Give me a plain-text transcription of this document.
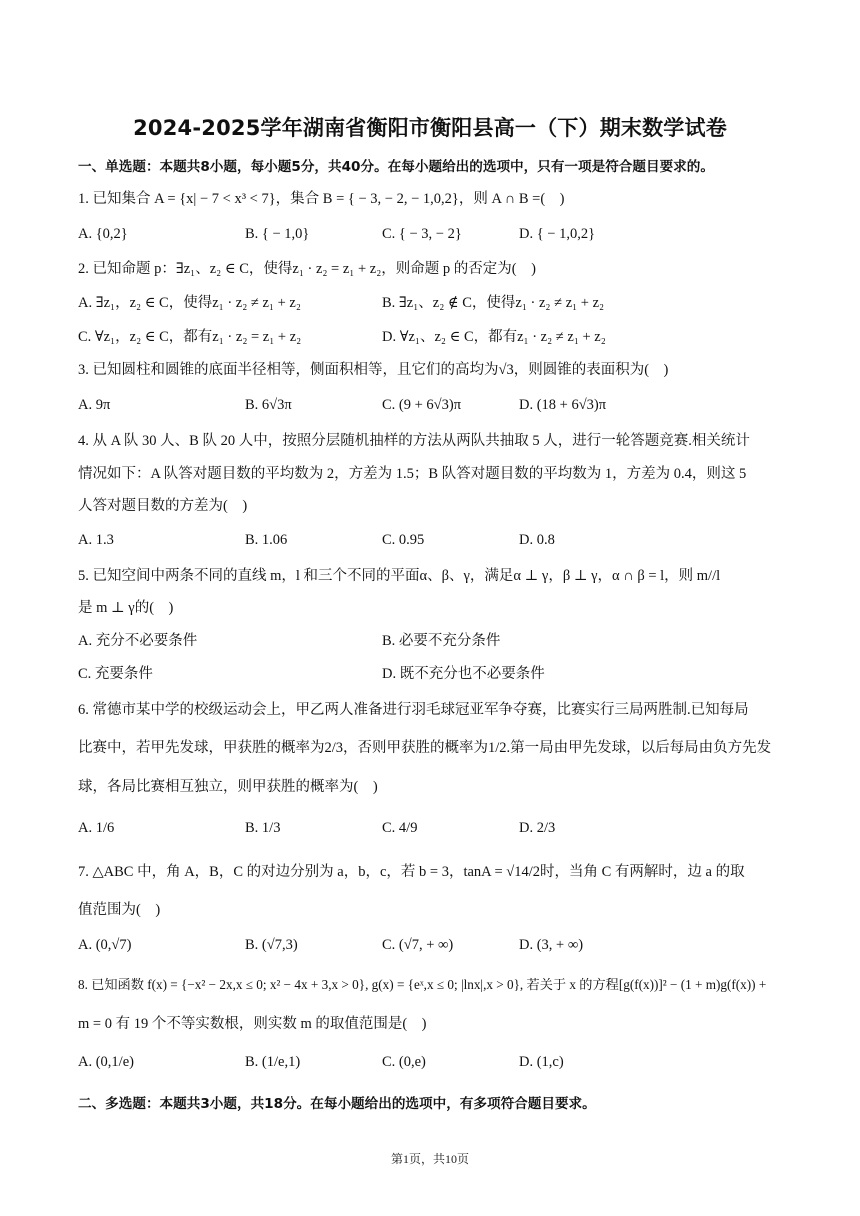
2024-2025学年湖南省衡阳市衡阳县高一（下）期末数学试卷
一、单选题：本题共8小题，每小题5分，共40分。在每小题给出的选项中，只有一项是符合题目要求的。
1. 已知集合 A = {x| − 7 < x³ < 7}，集合 B = { − 3, − 2, − 1,0,2}，则 A ∩ B =(　)
A. {0,2}	B. { − 1,0}	C. { − 3, − 2}	D. { − 1,0,2}
2. 已知命题 p：∃z₁、z₂ ∈ C，使得z₁ · z₂ = z₁ + z₂，则命题 p 的否定为(　)
A. ∃z₁，z₂ ∈ C，使得z₁ · z₂ ≠ z₁ + z₂	B. ∃z₁、z₂ ∉ C，使得z₁ · z₂ ≠ z₁ + z₂
C. ∀z₁，z₂ ∈ C，都有z₁ · z₂ = z₁ + z₂	D. ∀z₁、z₂ ∈ C，都有z₁ · z₂ ≠ z₁ + z₂
3. 已知圆柱和圆锥的底面半径相等，侧面积相等，且它们的高均为√3，则圆锥的表面积为(　)
A. 9π	B. 6√3π	C. (9 + 6√3)π	D. (18 + 6√3)π
4. 从 A 队 30 人、B 队 20 人中，按照分层随机抽样的方法从两队共抽取 5 人，进行一轮答题竞赛.相关统计
情况如下：A 队答对题目数的平均数为 2，方差为 1.5；B 队答对题目数的平均数为 1，方差为 0.4，则这 5
人答对题目数的方差为(　)
A. 1.3	B. 1.06	C. 0.95	D. 0.8
5. 已知空间中两条不同的直线 m，l 和三个不同的平面α、β、γ，满足α ⊥ γ，β ⊥ γ，α ∩ β = l，则 m//l
是 m ⊥ γ的(　)
A. 充分不必要条件	B. 必要不充分条件
C. 充要条件	D. 既不充分也不必要条件
6. 常德市某中学的校级运动会上，甲乙两人准备进行羽毛球冠亚军争夺赛，比赛实行三局两胜制.已知每局
比赛中，若甲先发球，甲获胜的概率为2/3，否则甲获胜的概率为1/2.第一局由甲先发球，以后每局由负方先发
球，各局比赛相互独立，则甲获胜的概率为(　)
A. 1/6	B. 1/3	C. 4/9	D. 2/3
7. △ABC 中，角 A，B，C 的对边分别为 a，b，c，若 b = 3，tanA = √14/2时，当角 C 有两解时，边 a 的取
值范围为(　)
A. (0,√7)	B. (√7,3)	C. (√7, + ∞)	D. (3, + ∞)
8. 已知函数 f(x) = {−x² − 2x,x ≤ 0; x² − 4x + 3,x > 0}, g(x) = {eˣ,x ≤ 0; |lnx|,x > 0}, 若关于 x 的方程[g(f(x))]² − (1 + m)g(f(x)) +
m = 0 有 19 个不等实数根，则实数 m 的取值范围是(　)
A. (0,1/e)	B. (1/e,1)	C. (0,e)	D. (1,c)
二、多选题：本题共3小题，共18分。在每小题给出的选项中，有多项符合题目要求。
第1页，共10页
